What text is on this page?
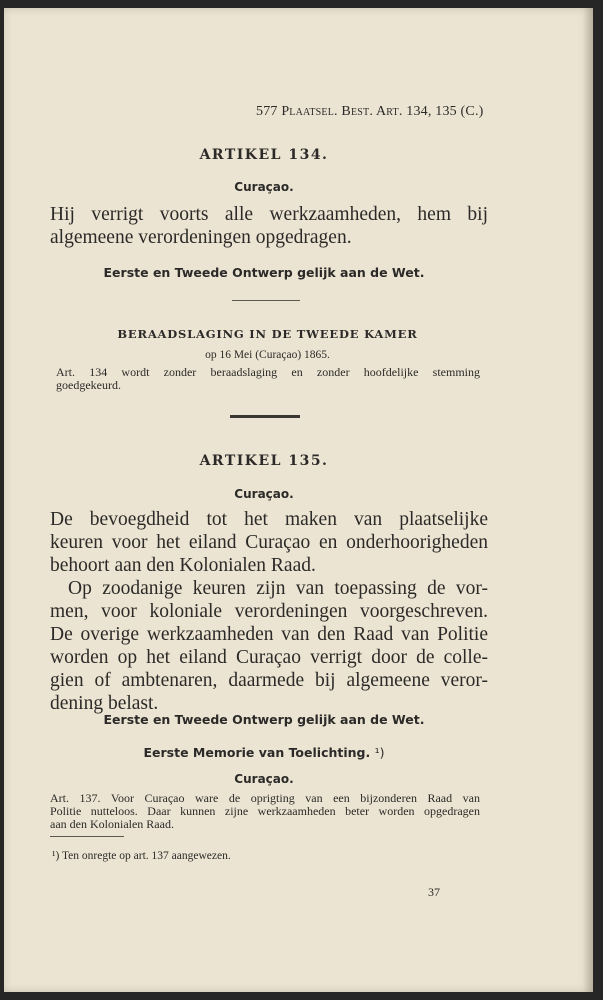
577 Plaatsel. Best. Art. 134, 135 (C.)
ARTIKEL 134.
Curaçao.
Hij verrigt voorts alle werkzaamheden, hem bij
algemeene verordeningen opgedragen.
Eerste en Tweede Ontwerp gelijk aan de Wet.
BERAADSLAGING IN DE TWEEDE KAMER
op 16 Mei (Curaçao) 1865.
Art. 134 wordt zonder beraadslaging en zonder hoofdelijke stemming
goedgekeurd.
ARTIKEL 135.
Curaçao.
De bevoegdheid tot het maken van plaatselijke
keuren voor het eiland Curaçao en onderhoorigheden
behoort aan den Kolonialen Raad.
Op zoodanige keuren zijn van toepassing de vor-
men, voor koloniale verordeningen voorgeschreven.
De overige werkzaamheden van den Raad van Politie
worden op het eiland Curaçao verrigt door de colle-
gien of ambtenaren, daarmede bij algemeene veror-
dening belast.
Eerste en Tweede Ontwerp gelijk aan de Wet.
Eerste Memorie van Toelichting. ¹)
Curaçao.
Art. 137. Voor Curaçao ware de oprigting van een bijzonderen Raad van
Politie nutteloos. Daar kunnen zijne werkzaamheden beter worden opgedragen
aan den Kolonialen Raad.
¹) Ten onregte op art. 137 aangewezen.
37
